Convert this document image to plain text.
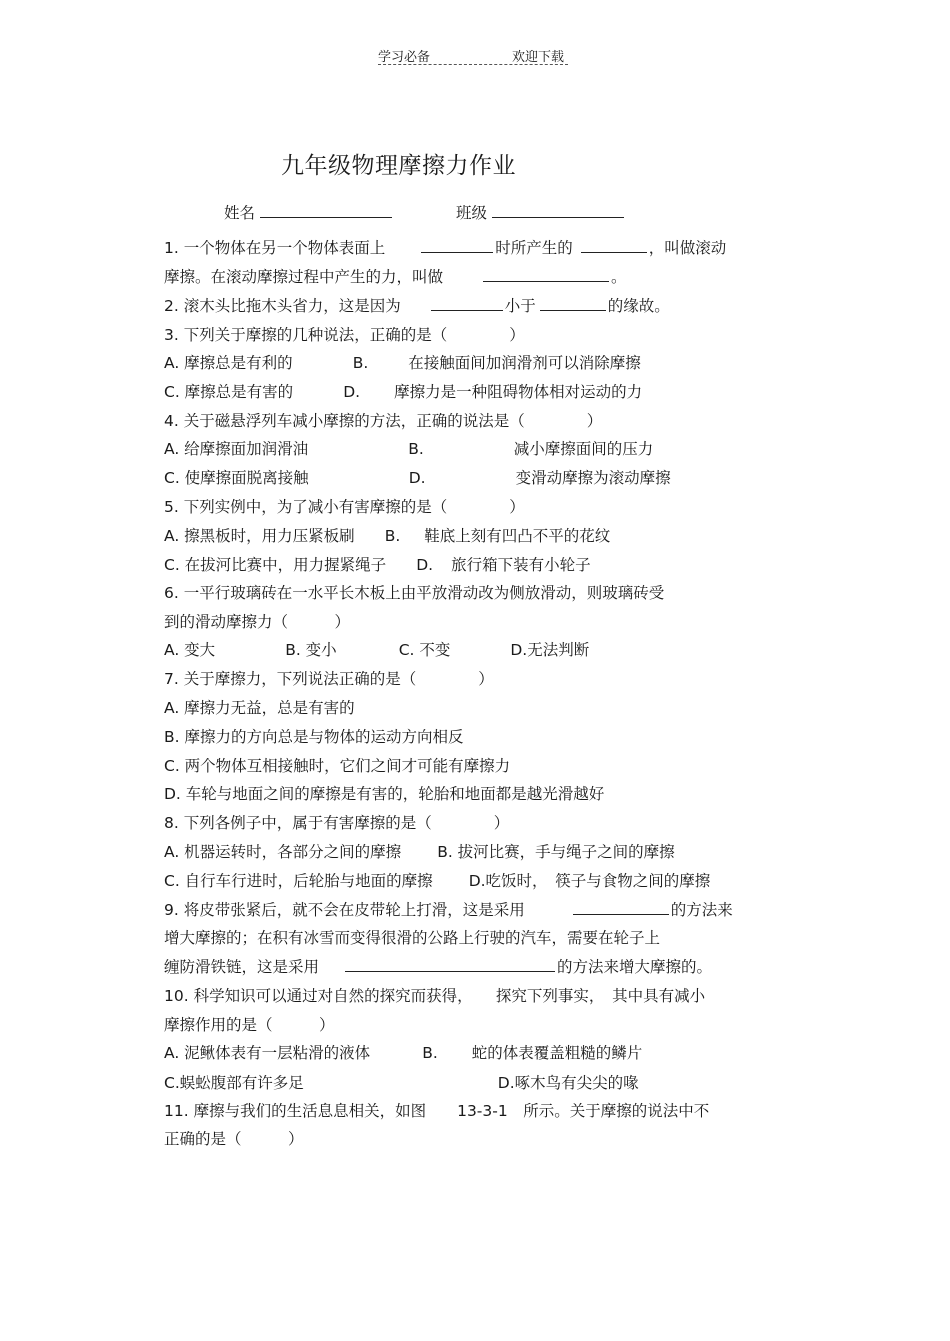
学习必备	欢迎下载
九年级物理摩擦力作业
姓名	班级
1. 一个物体在另一个物体表面上	时所产生的	，叫做滚动
摩擦。在滚动摩擦过程中产生的力，叫做	。
2. 滚木头比拖木头省力，这是因为	小于	的缘故。
3. 下列关于摩擦的几种说法，正确的是（　　　　）
A. 摩擦总是有利的	B.	在接触面间加润滑剂可以消除摩擦
C. 摩擦总是有害的	D. 摩擦力是一种阻碍物体相对运动的力
4. 关于磁悬浮列车减小摩擦的方法，正确的说法是（　　　　）
A. 给摩擦面加润滑油	B.	减小摩擦面间的压力
C. 使摩擦面脱离接触	D.	变滑动摩擦为滚动摩擦
5. 下列实例中，为了减小有害摩擦的是（　　　　）
A. 擦黑板时，用力压紧板刷 B. 鞋底上刻有凹凸不平的花纹
C. 在拔河比赛中，用力握紧绳子 D. 旅行箱下装有小轮子
6. 一平行玻璃砖在一水平长木板上由平放滑动改为侧放滑动，则玻璃砖受
到的滑动摩擦力（　　　）
A. 变大	B. 变小	C. 不变	D.无法判断
7. 关于摩擦力，下列说法正确的是（　　　　）
A. 摩擦力无益，总是有害的
B. 摩擦力的方向总是与物体的运动方向相反
C. 两个物体互相接触时，它们之间才可能有摩擦力
D. 车轮与地面之间的摩擦是有害的，轮胎和地面都是越光滑越好
8. 下列各例子中，属于有害摩擦的是（　　　　）
A. 机器运转时，各部分之间的摩擦 B. 拔河比赛，手与绳子之间的摩擦
C. 自行车行进时，后轮胎与地面的摩擦 D.吃饭时，　筷子与食物之间的摩擦
9. 将皮带张紧后，就不会在皮带轮上打滑，这是采用	的方法来
增大摩擦的；在积有冰雪而变得很滑的公路上行驶的汽车，需要在轮子上
缠防滑铁链，这是采用	的方法来增大摩擦的。
10. 科学知识可以通过对自然的探究而获得，　　探究下列事实，　其中具有减小
摩擦作用的是（　　　）
A. 泥鳅体表有一层粘滑的液体	B. 蛇的体表覆盖粗糙的鳞片
C.蜈蚣腹部有许多足	D.啄木鸟有尖尖的喙
11. 摩擦与我们的生活息息相关，如图　　13-3-1　所示。关于摩擦的说法中不
正确的是（　　　）
